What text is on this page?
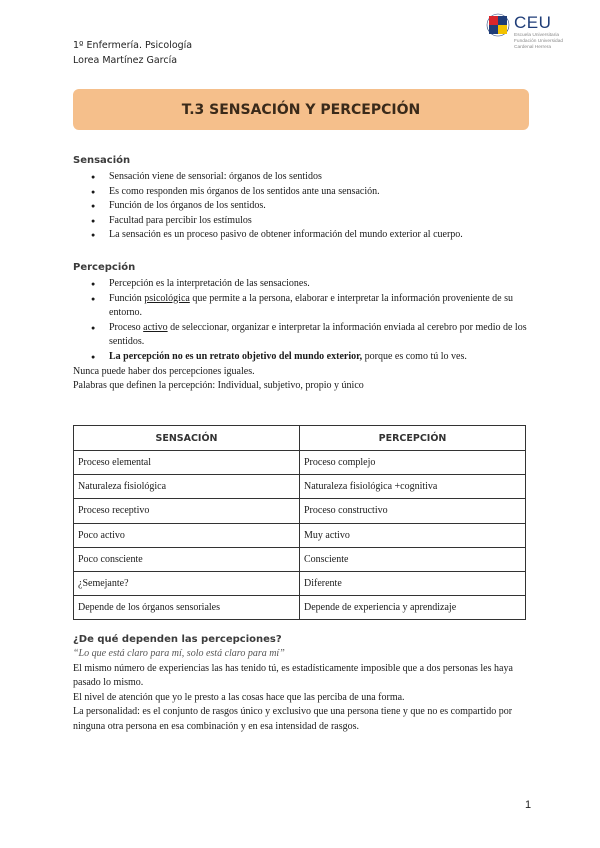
1º Enfermería. Psicología
Lorea Martínez García
CEU
Escuela Universitaria Fundación Universidad Cardenal Herrera
T.3 SENSACIÓN Y PERCEPCIÓN
Sensación
● Sensación viene de sensorial: órganos de los sentidos
● Es como responden mis órganos de los sentidos ante una sensación.
● Función de los órganos de los sentidos.
● Facultad para percibir los estímulos
● La sensación es un proceso pasivo de obtener información del mundo exterior al cuerpo.
Percepción
● Percepción es la interpretación de las sensaciones.
● Función psicológica que permite a la persona, elaborar e interpretar la información proveniente de su entorno.
● Proceso activo de seleccionar, organizar e interpretar la información enviada al cerebro por medio de los sentidos.
● La percepción no es un retrato objetivo del mundo exterior, porque es como tú lo ves.
Nunca puede haber dos percepciones iguales.
Palabras que definen la percepción: Individual, subjetivo, propio y único
SENSACIÓN	PERCEPCIÓN
Proceso elemental	Proceso complejo
Naturaleza fisiológica	Naturaleza fisiológica +cognitiva
Proceso receptivo	Proceso constructivo
Poco activo	Muy activo
Poco consciente	Consciente
¿Semejante?	Diferente
Depende de los órganos sensoriales	Depende de experiencia y aprendizaje
¿De qué dependen las percepciones?
“Lo que está claro para mí, solo está claro para mí”
El mismo número de experiencias las has tenido tú, es estadísticamente imposible que a dos personas les haya pasado lo mismo.
El nivel de atención que yo le presto a las cosas hace que las perciba de una forma.
La personalidad: es el conjunto de rasgos único y exclusivo que una persona tiene y que no es compartido por ninguna otra persona en esa combinación y en esa intensidad de rasgos.
1
